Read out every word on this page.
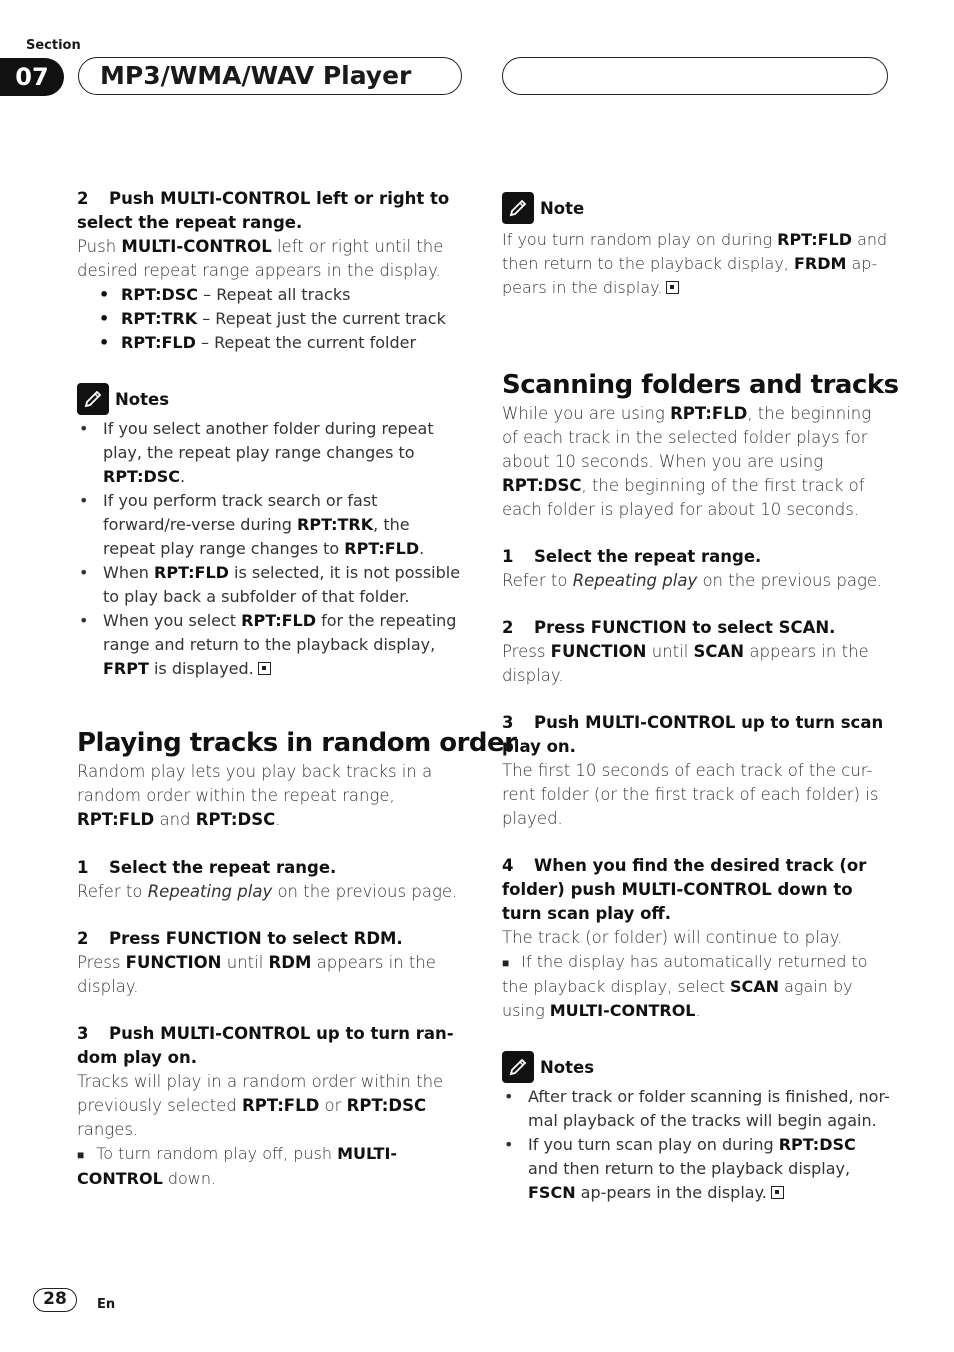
Section
07	MP3/WMA/WAV Player

2 Push MULTI-CONTROL left or right to select the repeat range.

Push MULTI-CONTROL left or right until the desired repeat range appears in the display.

• RPT:DSC – Repeat all tracks
• RPT:TRK – Repeat just the current track
• RPT:FLD – Repeat the current folder
Notes
• If you select another folder during repeat play, the repeat play range changes to RPT:DSC.
• If you perform track search or fast forward/re-verse during RPT:TRK, the repeat play range changes to RPT:FLD.
• When RPT:FLD is selected, it is not possible to play back a subfolder of that folder.
• When you select RPT:FLD for the repeating range and return to the playback display, FRPT is displayed.

Playing tracks in random order

Random play lets you play back tracks in a random order within the repeat range, RPT:FLD and RPT:DSC.

1 Select the repeat range.

Refer to Repeating play on the previous page.

2 Press FUNCTION to select RDM.

Press FUNCTION until RDM appears in the display.

3 Push MULTI-CONTROL up to turn ran-dom play on.

Tracks will play in a random order within the previously selected RPT:FLD or RPT:DSC ranges.

■ To turn random play off, push MULTI-CONTROL down.

Note

If you turn random play on during RPT:FLD and then return to the playback display, FRDM ap-pears in the display.

Scanning folders and tracks

While you are using RPT:FLD, the beginning of each track in the selected folder plays for about 10 seconds. When you are using RPT:DSC, the beginning of the first track of each folder is played for about 10 seconds.

1 Select the repeat range.

Refer to Repeating play on the previous page.

2 Press FUNCTION to select SCAN.

Press FUNCTION until SCAN appears in the display.

3 Push MULTI-CONTROL up to turn scan play on.

The first 10 seconds of each track of the cur-rent folder (or the first track of each folder) is played.

4 When you find the desired track (or folder) push MULTI-CONTROL down to turn scan play off.

The track (or folder) will continue to play.

■ If the display has automatically returned to the playback display, select SCAN again by using MULTI-CONTROL.

Notes
• After track or folder scanning is finished, nor-mal playback of the tracks will begin again.
• If you turn scan play on during RPT:DSC and then return to the playback display, FSCN ap-pears in the display.
28	En
